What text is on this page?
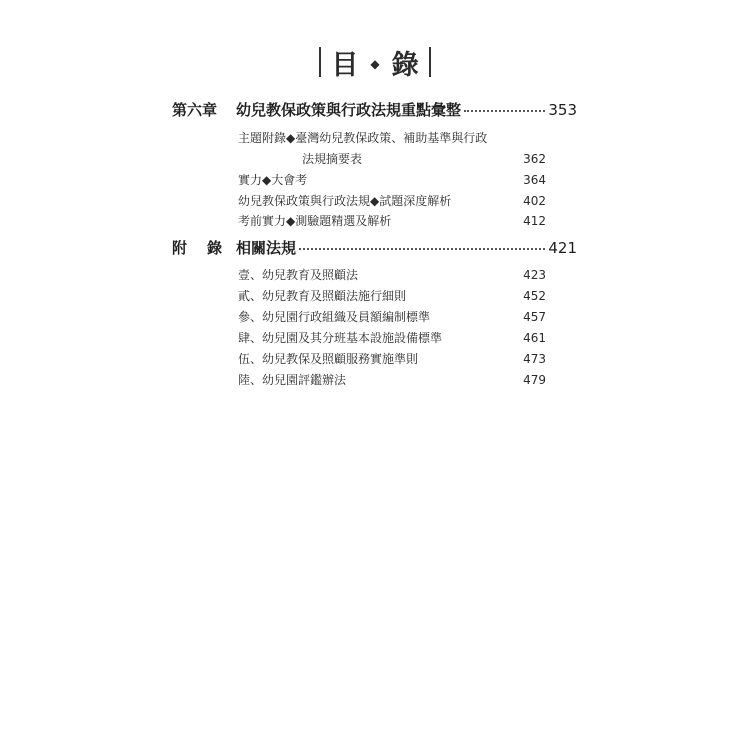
目 ◆ 錄
第六章	幼兒教保政策與行政法規重點彙整	353
主題附錄◆臺灣幼兒教保政策、補助基準與行政
法規摘要表	362
實力◆大會考	364
幼兒教保政策與行政法規◆試題深度解析	402
考前實力◆測驗題精選及解析	412
附 錄 相關法規	421
壹、幼兒教育及照顧法	423
貳、幼兒教育及照顧法施行細則	452
參、幼兒園行政組織及員額編制標準	457
肆、幼兒園及其分班基本設施設備標準	461
伍、幼兒教保及照顧服務實施準則	473
陸、幼兒園評鑑辦法	479
